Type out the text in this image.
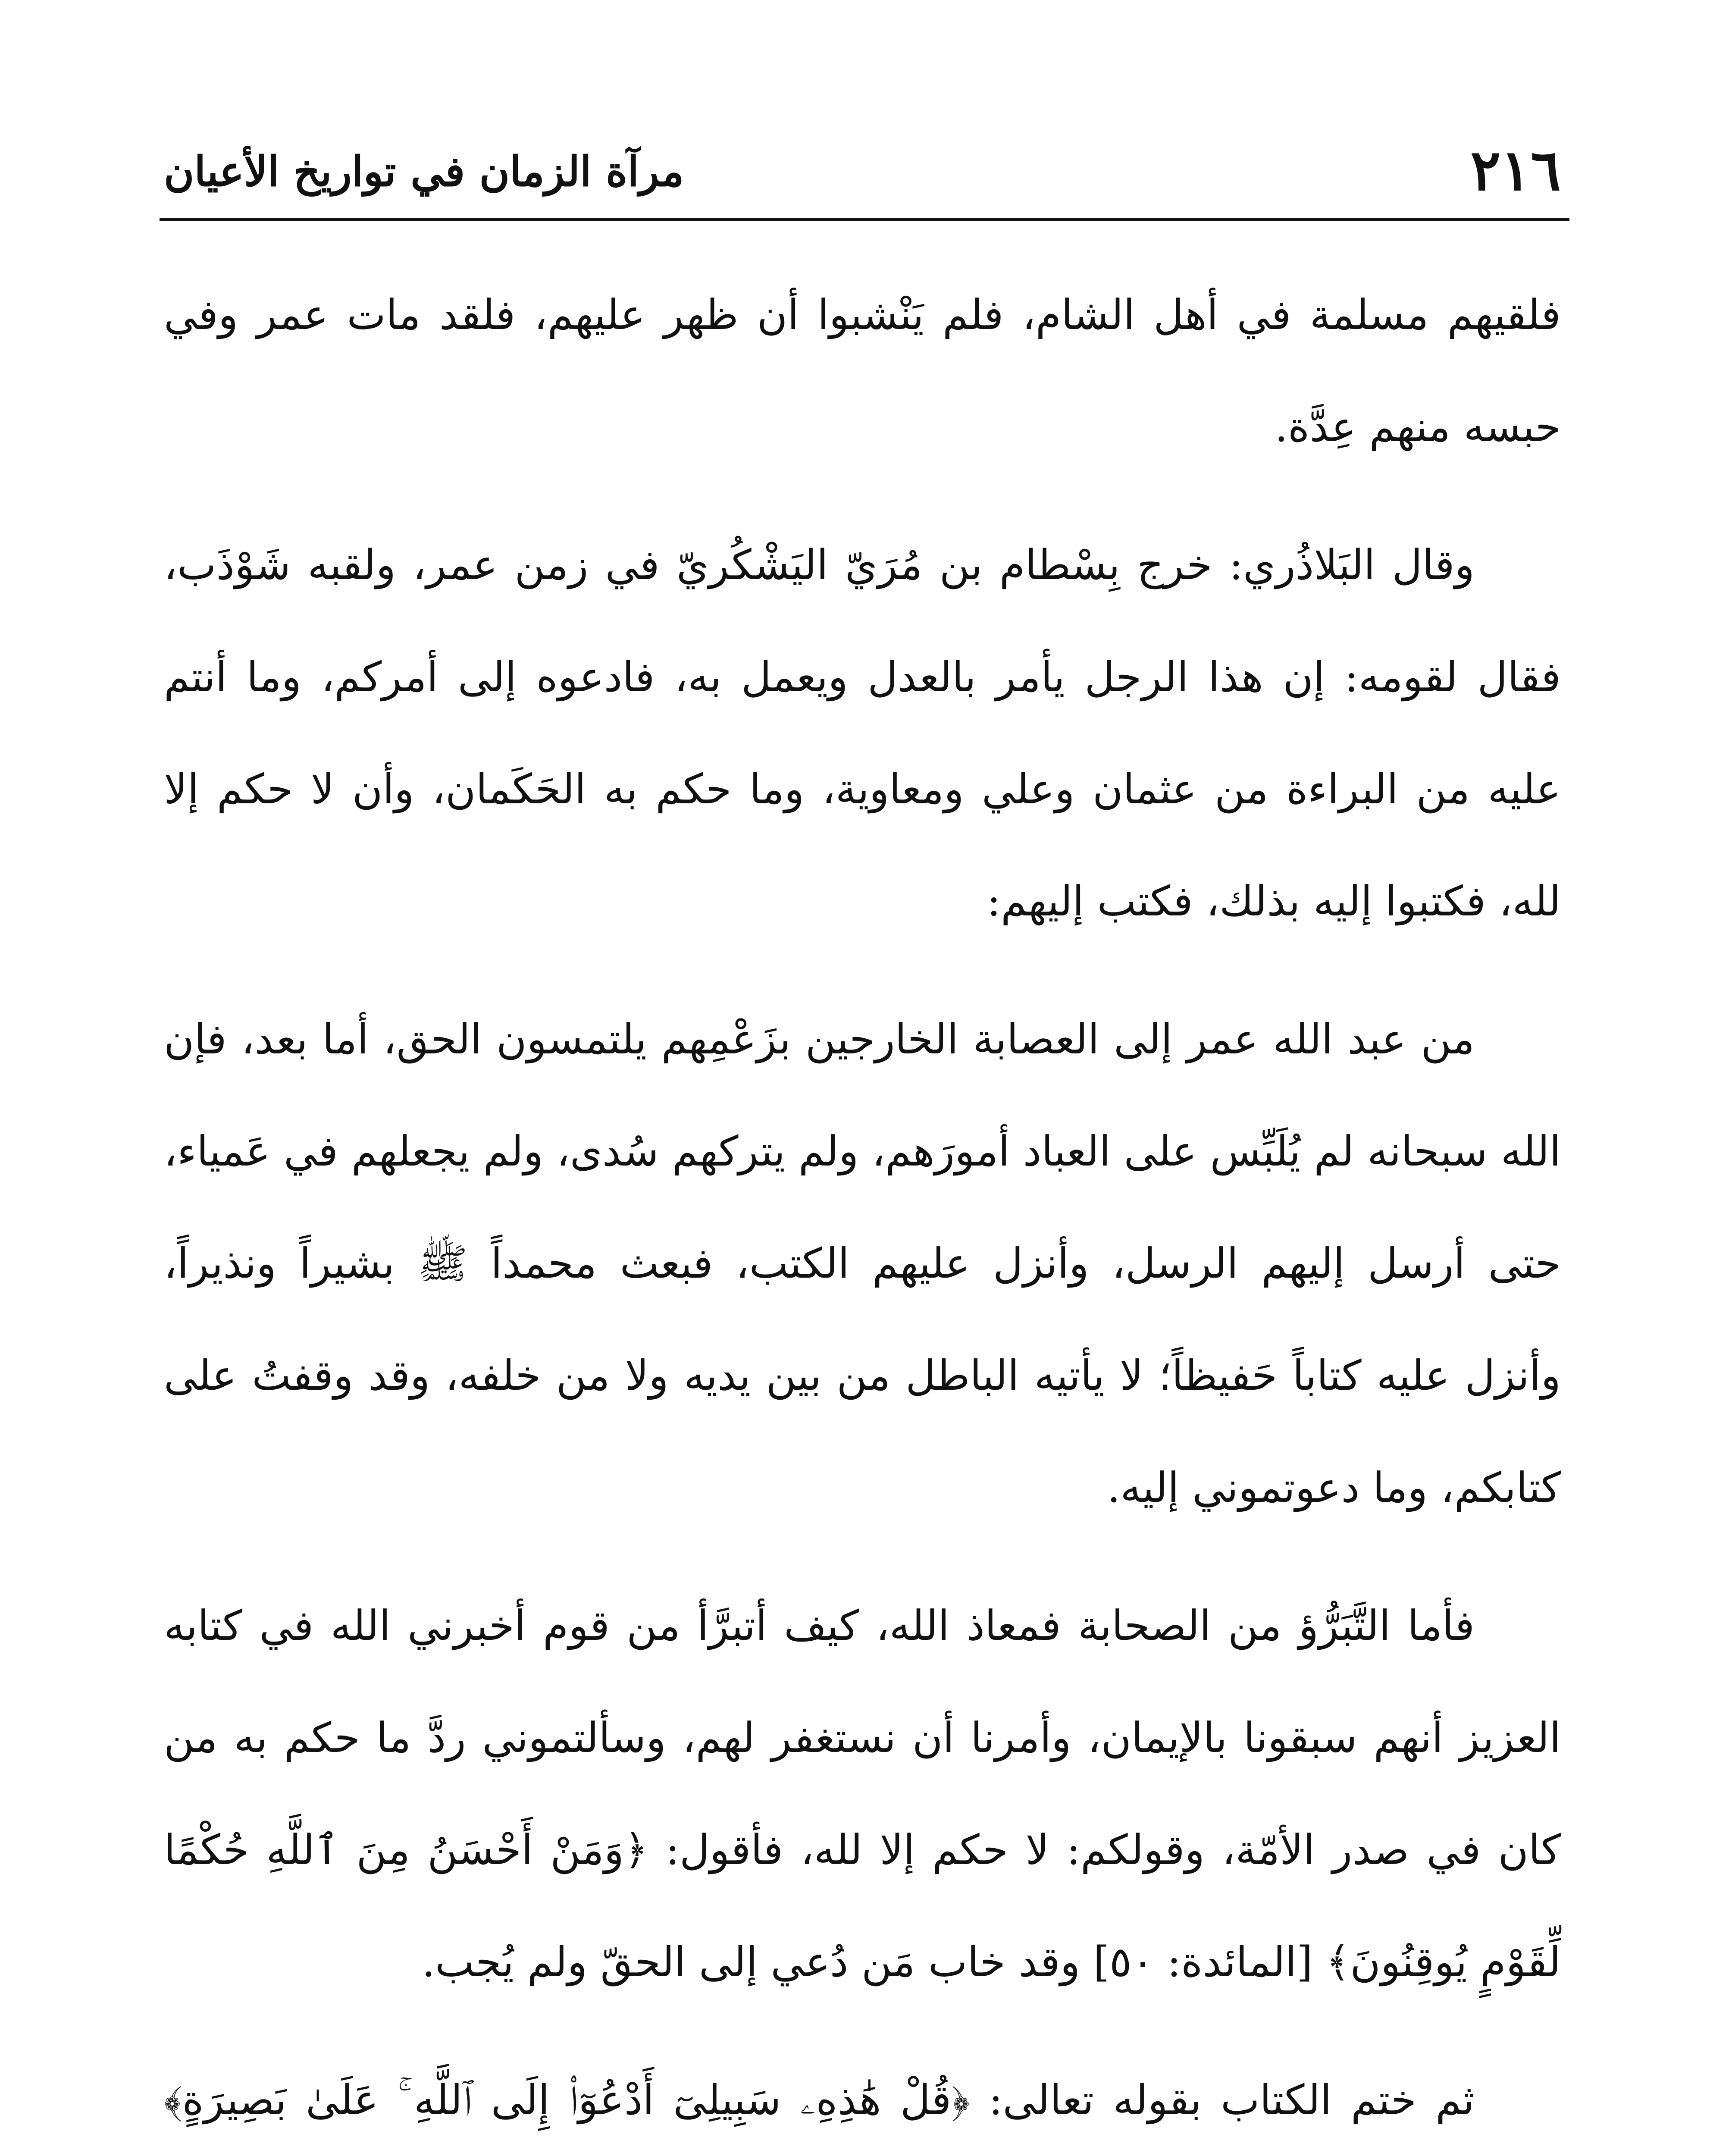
٢١٦
مرآة الزمان في تواريخ الأعيان

فلقيهم مسلمة في أهل الشام، فلم يَنْشبوا أن ظهر عليهم، فلقد مات عمر وفي حبسه منهم عِدَّة.

وقال البَلاذُري: خرج بِسْطام بن مُرَيّ اليَشْكُريّ في زمن عمر، ولقبه شَوْذَب، فقال لقومه: إن هذا الرجل يأمر بالعدل ويعمل به، فادعوه إلى أمركم، وما أنتم عليه من البراءة من عثمان وعلي ومعاوية، وما حكم به الحَكَمان، وأن لا حكم إلا لله، فكتبوا إليه بذلك، فكتب إليهم:

من عبد الله عمر إلى العصابة الخارجين بزَعْمِهم يلتمسون الحق، أما بعد، فإن الله سبحانه لم يُلَبِّس على العباد أمورَهم، ولم يتركهم سُدى، ولم يجعلهم في عَمياء، حتى أرسل إليهم الرسل، وأنزل عليهم الكتب، فبعث محمداً ﷺ بشيراً ونذيراً، وأنزل عليه كتاباً حَفيظاً؛ لا يأتيه الباطل من بين يديه ولا من خلفه، وقد وقفتُ على كتابكم، وما دعوتموني إليه.

فأما التَّبَرُّؤ من الصحابة فمعاذ الله، كيف أتبرَّأ من قوم أخبرني الله في كتابه العزيز أنهم سبقونا بالإيمان، وأمرنا أن نستغفر لهم، وسألتموني ردَّ ما حكم به من كان في صدر الأمّة، وقولكم: لا حكم إلا لله، فأقول: ﴿وَمَنْ أَحْسَنُ مِنَ ٱللَّهِ حُكْمًا لِّقَوْمٍ يُوقِنُونَ﴾ [المائدة: ٥٠] وقد خاب مَن دُعي إلى الحقّ ولم يُجب.

ثم ختم الكتاب بقوله تعالى: ﴿قُلْ هَٰذِهِۦ سَبِيلِىٓ أَدْعُوٓا۟ إِلَى ٱللَّهِ ۚ عَلَىٰ بَصِيرَةٍ﴾
